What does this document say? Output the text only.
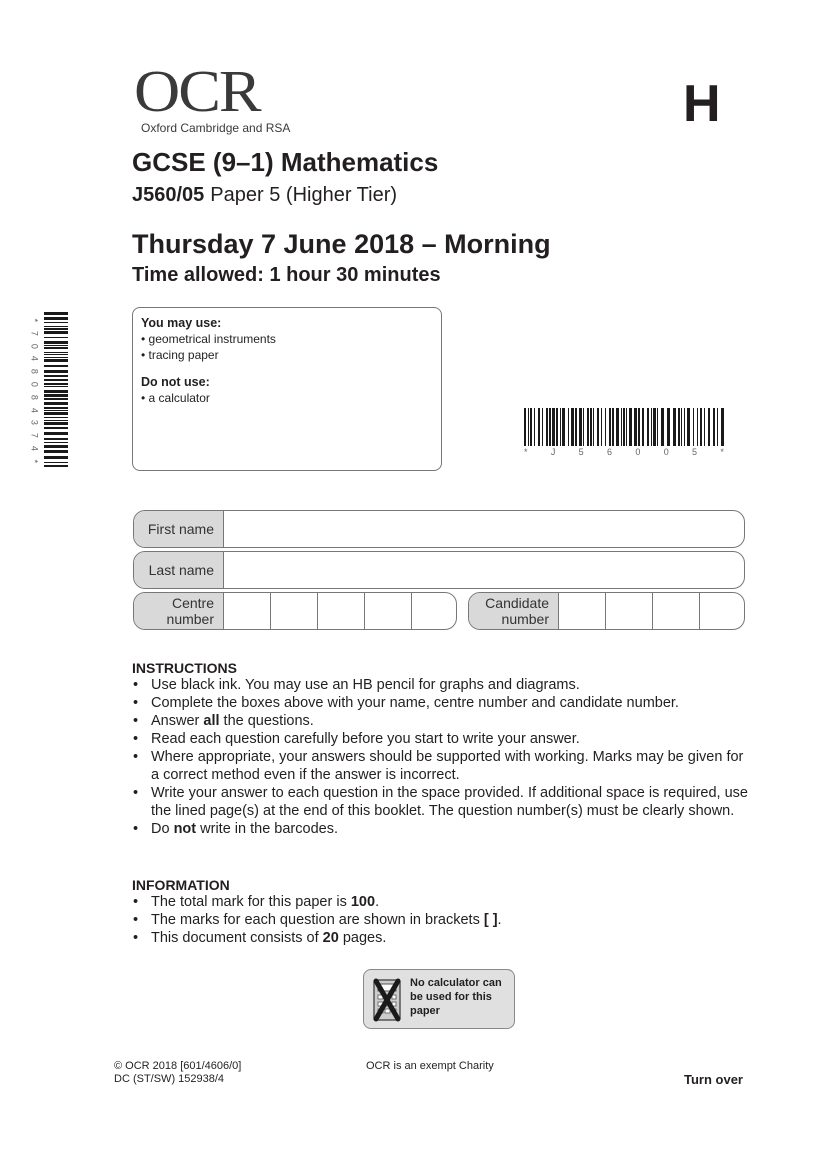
OCR
Oxford Cambridge and RSA	H
GCSE (9–1) Mathematics
J560/05 Paper 5 (Higher Tier)
Thursday 7 June 2018 – Morning
Time allowed: 1 hour 30 minutes
You may use:
• geometrical instruments
• tracing paper
Do not use:
• a calculator
*
7
0
4
8
0
8
4
3
7
4
*
*	J	5	6	0	0	5	*
First name
Last name
Centre number
Candidate number
INSTRUCTIONS
• Use black ink. You may use an HB pencil for graphs and diagrams.
• Complete the boxes above with your name, centre number and candidate number.
• Answer all the questions.
• Read each question carefully before you start to write your answer.
• Where appropriate, your answers should be supported with working. Marks may be given for a correct method even if the answer is incorrect.
• Write your answer to each question in the space provided. If additional space is required, use the lined page(s) at the end of this booklet. The question number(s) must be clearly shown.
• Do not write in the barcodes.
INFORMATION
• The total mark for this paper is 100.
• The marks for each question are shown in brackets [ ].
• This document consists of 20 pages.
No calculator can be used for this paper
© OCR 2018 [601/4606/0]
DC (ST/SW) 152938/4
OCR is an exempt Charity
Turn over
